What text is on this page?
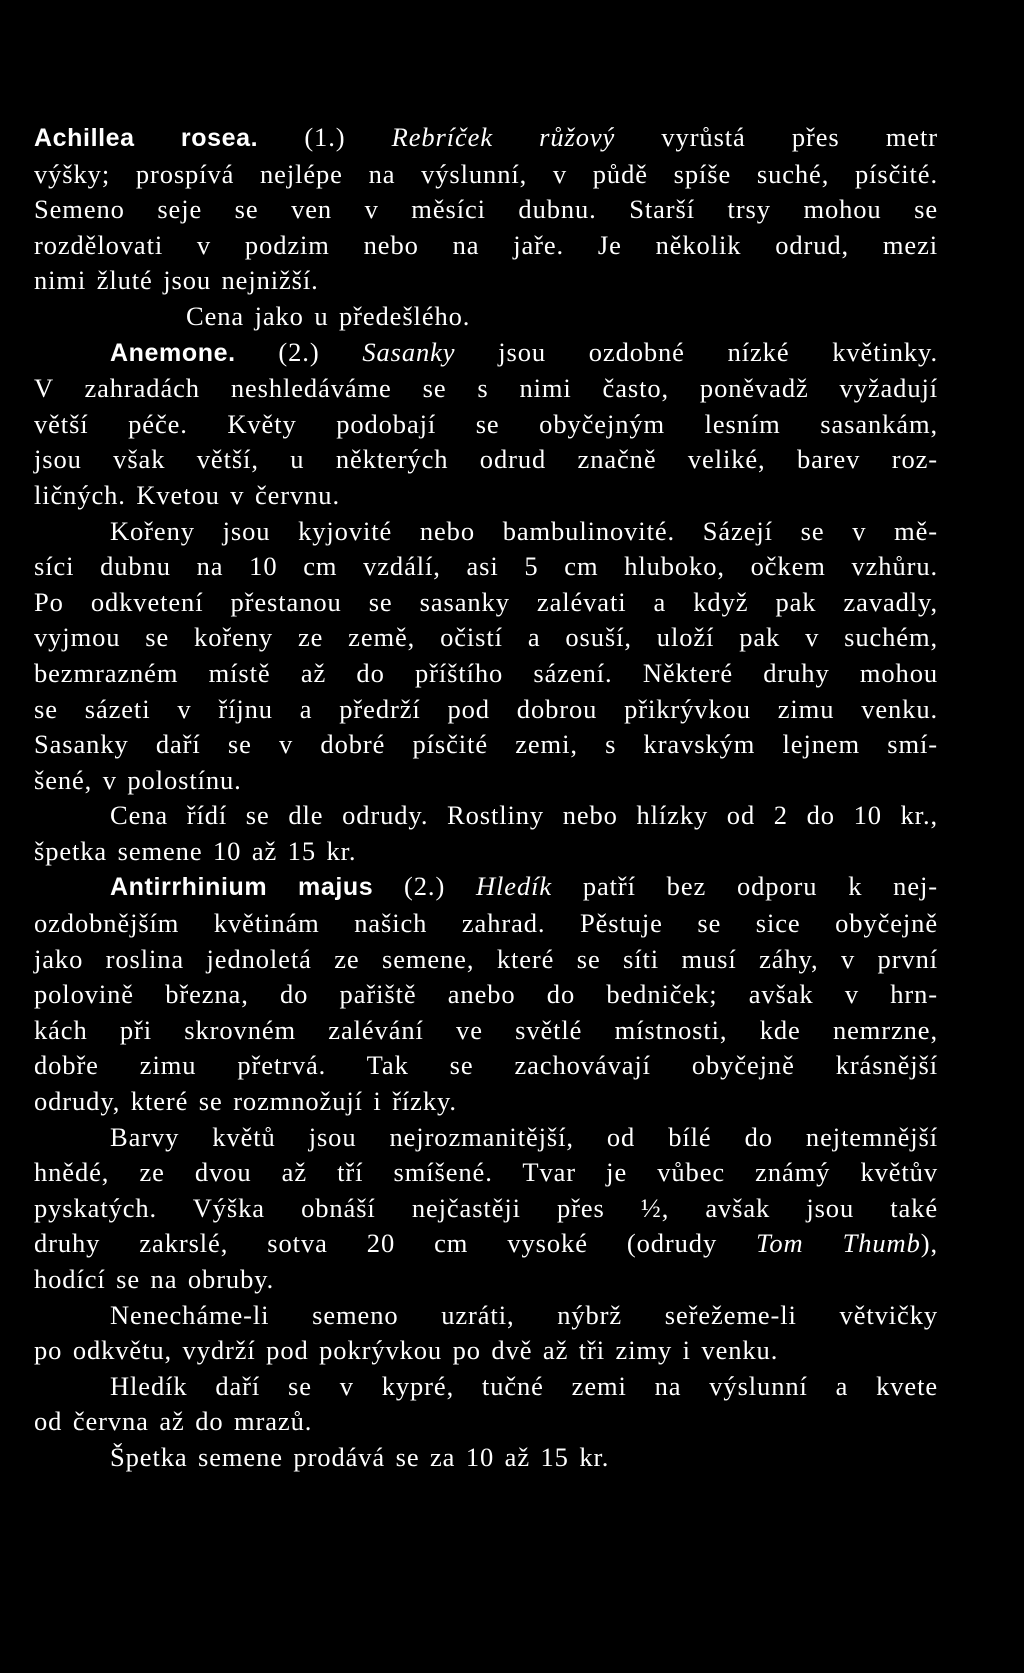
Achillea rosea. (1.) Rebríček růžový vyrůstá přes metr
výšky; prospívá nejlépe na výslunní, v půdě spíše suché, písčité.
Semeno seje se ven v měsíci dubnu. Starší trsy mohou se
rozdělovati v podzim nebo na jaře. Je několik odrud, mezi
nimi žluté jsou nejnižší.

Cena jako u předešlého.

Anemone. (2.) Sasanky jsou ozdobné nízké květinky.
V zahradách neshledáváme se s nimi často, poněvadž vyžadují
větší péče. Květy podobají se obyčejným lesním sasankám,
jsou však větší, u některých odrud značně veliké, barev roz-
ličných. Kvetou v červnu.

Kořeny jsou kyjovité nebo bambulinovité. Sázejí se v mě-
síci dubnu na 10 cm vzdálí, asi 5 cm hluboko, očkem vzhůru.
Po odkvetení přestanou se sasanky zalévati a když pak zavadly,
vyjmou se kořeny ze země, očistí a osuší, uloží pak v suchém,
bezmrazném místě až do příštího sázení. Některé druhy mohou
se sázeti v říjnu a předrží pod dobrou přikrývkou zimu venku.
Sasanky daří se v dobré písčité zemi, s kravským lejnem smí-
šené, v polostínu.

Cena řídí se dle odrudy. Rostliny nebo hlízky od 2 do 10 kr.,
špetka semene 10 až 15 kr.

Antirrhinium majus (2.) Hledík patří bez odporu k nej-
ozdobnějším květinám našich zahrad. Pěstuje se sice obyčejně
jako roslina jednoletá ze semene, které se síti musí záhy, v první
polovině března, do pařiště anebo do bedniček; avšak v hrn-
kách při skrovném zalévání ve světlé místnosti, kde nemrzne,
dobře zimu přetrvá. Tak se zachovávají obyčejně krásnější
odrudy, které se rozmnožují i řízky.

Barvy květů jsou nejrozmanitější, od bílé do nejtemnější
hnědé, ze dvou až tří smíšené. Tvar je vůbec známý květův
pyskatých. Výška obnáší nejčastěji přes ½, avšak jsou také
druhy zakrslé, sotva 20 cm vysoké (odrudy Tom Thumb),
hodící se na obruby.

Nenecháme-li semeno uzráti, nýbrž seřežeme-li větvičky
po odkvětu, vydrží pod pokrývkou po dvě až tři zimy i venku.

Hledík daří se v kypré, tučné zemi na výslunní a kvete
od června až do mrazů.

Špetka semene prodává se za 10 až 15 kr.
